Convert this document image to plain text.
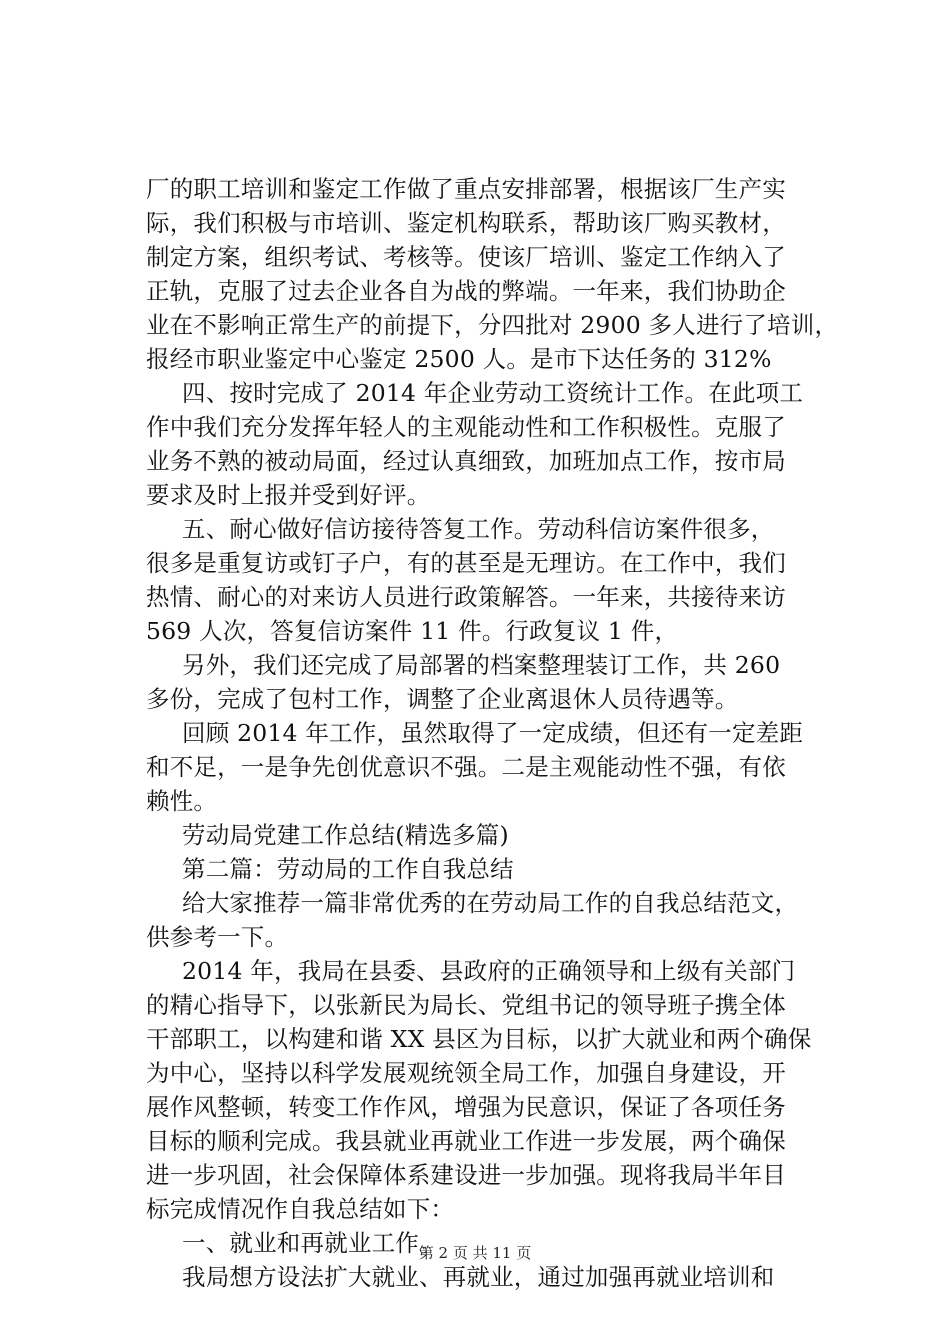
厂的职工培训和鉴定工作做了重点安排部署，根据该厂生产实
际，我们积极与市培训、鉴定机构联系，帮助该厂购买教材，
制定方案，组织考试、考核等。使该厂培训、鉴定工作纳入了
正轨，克服了过去企业各自为战的弊端。一年来，我们协助企
业在不影响正常生产的前提下，分四批对 2900 多人进行了培训，
报经市职业鉴定中心鉴定 2500 人。是市下达任务的 312%
四、按时完成了 2014 年企业劳动工资统计工作。在此项工
作中我们充分发挥年轻人的主观能动性和工作积极性。克服了
业务不熟的被动局面，经过认真细致，加班加点工作，按市局
要求及时上报并受到好评。
五、耐心做好信访接待答复工作。劳动科信访案件很多，
很多是重复访或钉子户，有的甚至是无理访。在工作中，我们
热情、耐心的对来访人员进行政策解答。一年来，共接待来访
569 人次，答复信访案件 11 件。行政复议 1 件，
另外，我们还完成了局部署的档案整理装订工作，共 260
多份，完成了包村工作，调整了企业离退休人员待遇等。
回顾 2014 年工作，虽然取得了一定成绩，但还有一定差距
和不足，一是争先创优意识不强。二是主观能动性不强，有依
赖性。
劳动局党建工作总结(精选多篇)
第二篇：劳动局的工作自我总结
给大家推荐一篇非常优秀的在劳动局工作的自我总结范文，
供参考一下。
2014 年，我局在县委、县政府的正确领导和上级有关部门
的精心指导下，以张新民为局长、党组书记的领导班子携全体
干部职工，以构建和谐 XX 县区为目标，以扩大就业和两个确保
为中心，坚持以科学发展观统领全局工作，加强自身建设，开
展作风整顿，转变工作作风，增强为民意识，保证了各项任务
目标的顺利完成。我县就业再就业工作进一步发展，两个确保
进一步巩固，社会保障体系建设进一步加强。现将我局半年目
标完成情况作自我总结如下：
一、就业和再就业工作。
我局想方设法扩大就业、再就业，通过加强再就业培训和
第 2 页 共 11 页
